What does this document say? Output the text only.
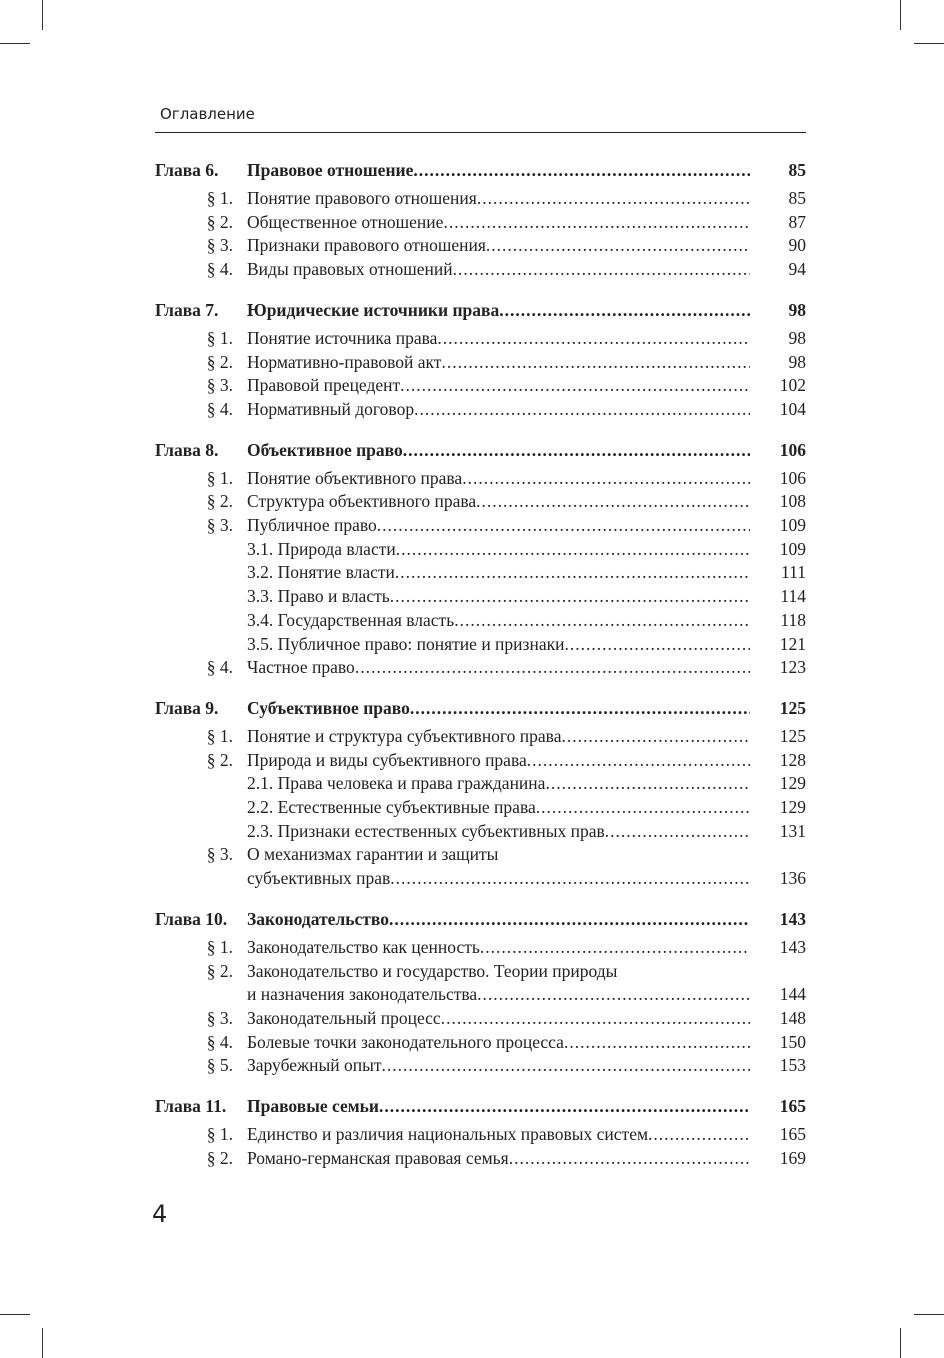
Оглавление
Глава 6.	Правовое отношение .....	85
§ 1. Понятие правового отношения .....	85
§ 2. Общественное отношение .....	87
§ 3. Признаки правового отношения .....	90
§ 4. Виды правовых отношений .....	94
Глава 7.	Юридические источники права .....	98
§ 1. Понятие источника права .....	98
§ 2. Нормативно-правовой акт .....	98
§ 3. Правовой прецедент .....	102
§ 4. Нормативный договор .....	104
Глава 8.	Объективное право .....	106
§ 1. Понятие объективного права .....	106
§ 2. Структура объективного права .....	108
§ 3. Публичное право .....	109
3.1. Природа власти .....	109
3.2. Понятие власти .....	111
3.3. Право и власть .....	114
3.4. Государственная власть .....	118
3.5. Публичное право: понятие и признаки .....	121
§ 4. Частное право .....	123
Глава 9.	Субъективное право .....	125
§ 1. Понятие и структура субъективного права .....	125
§ 2. Природа и виды субъективного права .....	128
2.1. Права человека и права гражданина .....	129
2.2. Естественные субъективные права .....	129
2.3. Признаки естественных субъективных прав .....	131
§ 3. О механизмах гарантии и защиты
субъективных прав .....	136
Глава 10.	Законодательство .....	143
§ 1. Законодательство как ценность .....	143
§ 2. Законодательство и государство. Теории природы
и назначения законодательства .....	144
§ 3. Законодательный процесс .....	148
§ 4. Болевые точки законодательного процесса .....	150
§ 5. Зарубежный опыт .....	153
Глава 11.	Правовые семьи .....	165
§ 1. Единство и различия национальных правовых систем .....	165
§ 2. Романо-германская правовая семья .....	169
4
